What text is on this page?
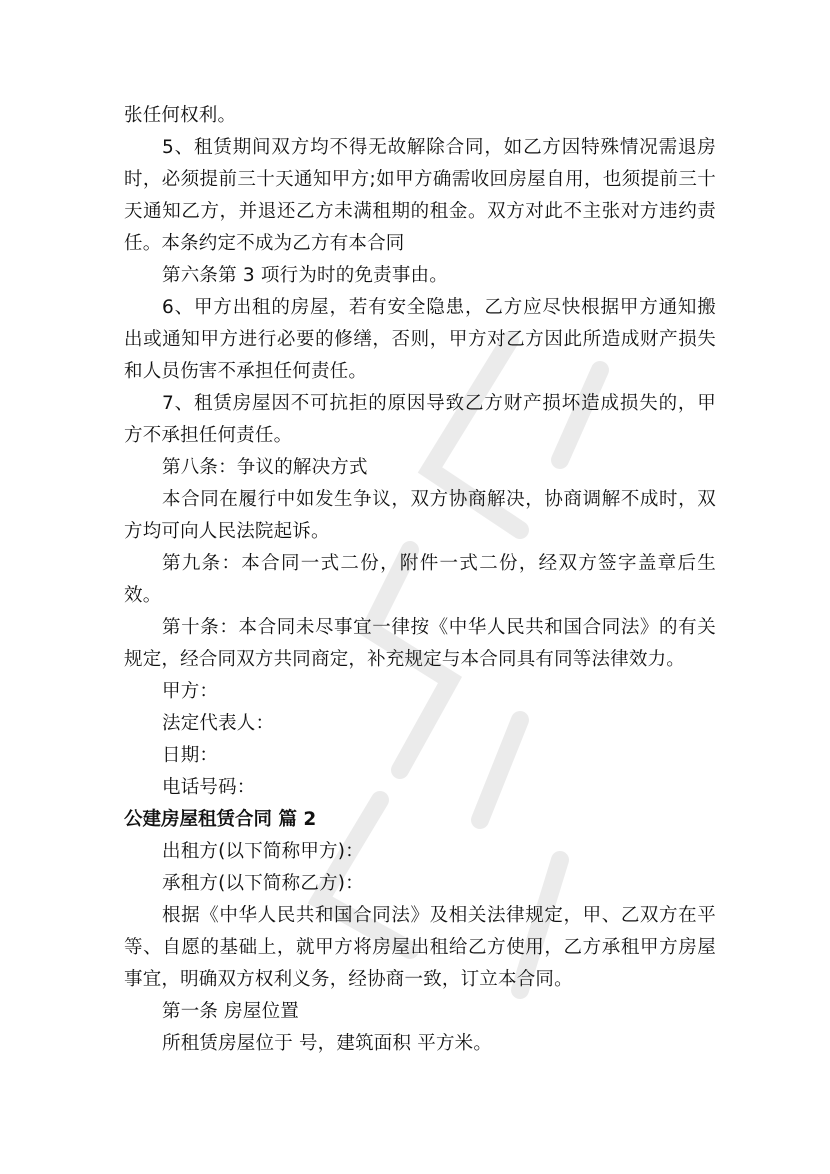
张任何权利。

5、租赁期间双方均不得无故解除合同，如乙方因特殊情况需退房时，必须提前三十天通知甲方;如甲方确需收回房屋自用，也须提前三十天通知乙方，并退还乙方未满租期的租金。双方对此不主张对方违约责任。本条约定不成为乙方有本合同

第六条第 3 项行为时的免责事由。

6、甲方出租的房屋，若有安全隐患，乙方应尽快根据甲方通知搬出或通知甲方进行必要的修缮，否则，甲方对乙方因此所造成财产损失和人员伤害不承担任何责任。

7、租赁房屋因不可抗拒的原因导致乙方财产损坏造成损失的，甲方不承担任何责任。

第八条：争议的解决方式

本合同在履行中如发生争议，双方协商解决，协商调解不成时，双方均可向人民法院起诉。

第九条：本合同一式二份，附件一式二份，经双方签字盖章后生效。

第十条：本合同未尽事宜一律按《中华人民共和国合同法》的有关规定，经合同双方共同商定，补充规定与本合同具有同等法律效力。

甲方：

法定代表人：

日期：

电话号码：

公建房屋租赁合同 篇 2

出租方(以下简称甲方)：

承租方(以下简称乙方)：

根据《中华人民共和国合同法》及相关法律规定，甲、乙双方在平等、自愿的基础上，就甲方将房屋出租给乙方使用，乙方承租甲方房屋事宜，明确双方权利义务，经协商一致，订立本合同。

第一条 房屋位置

所租赁房屋位于 号，建筑面积 平方米。
